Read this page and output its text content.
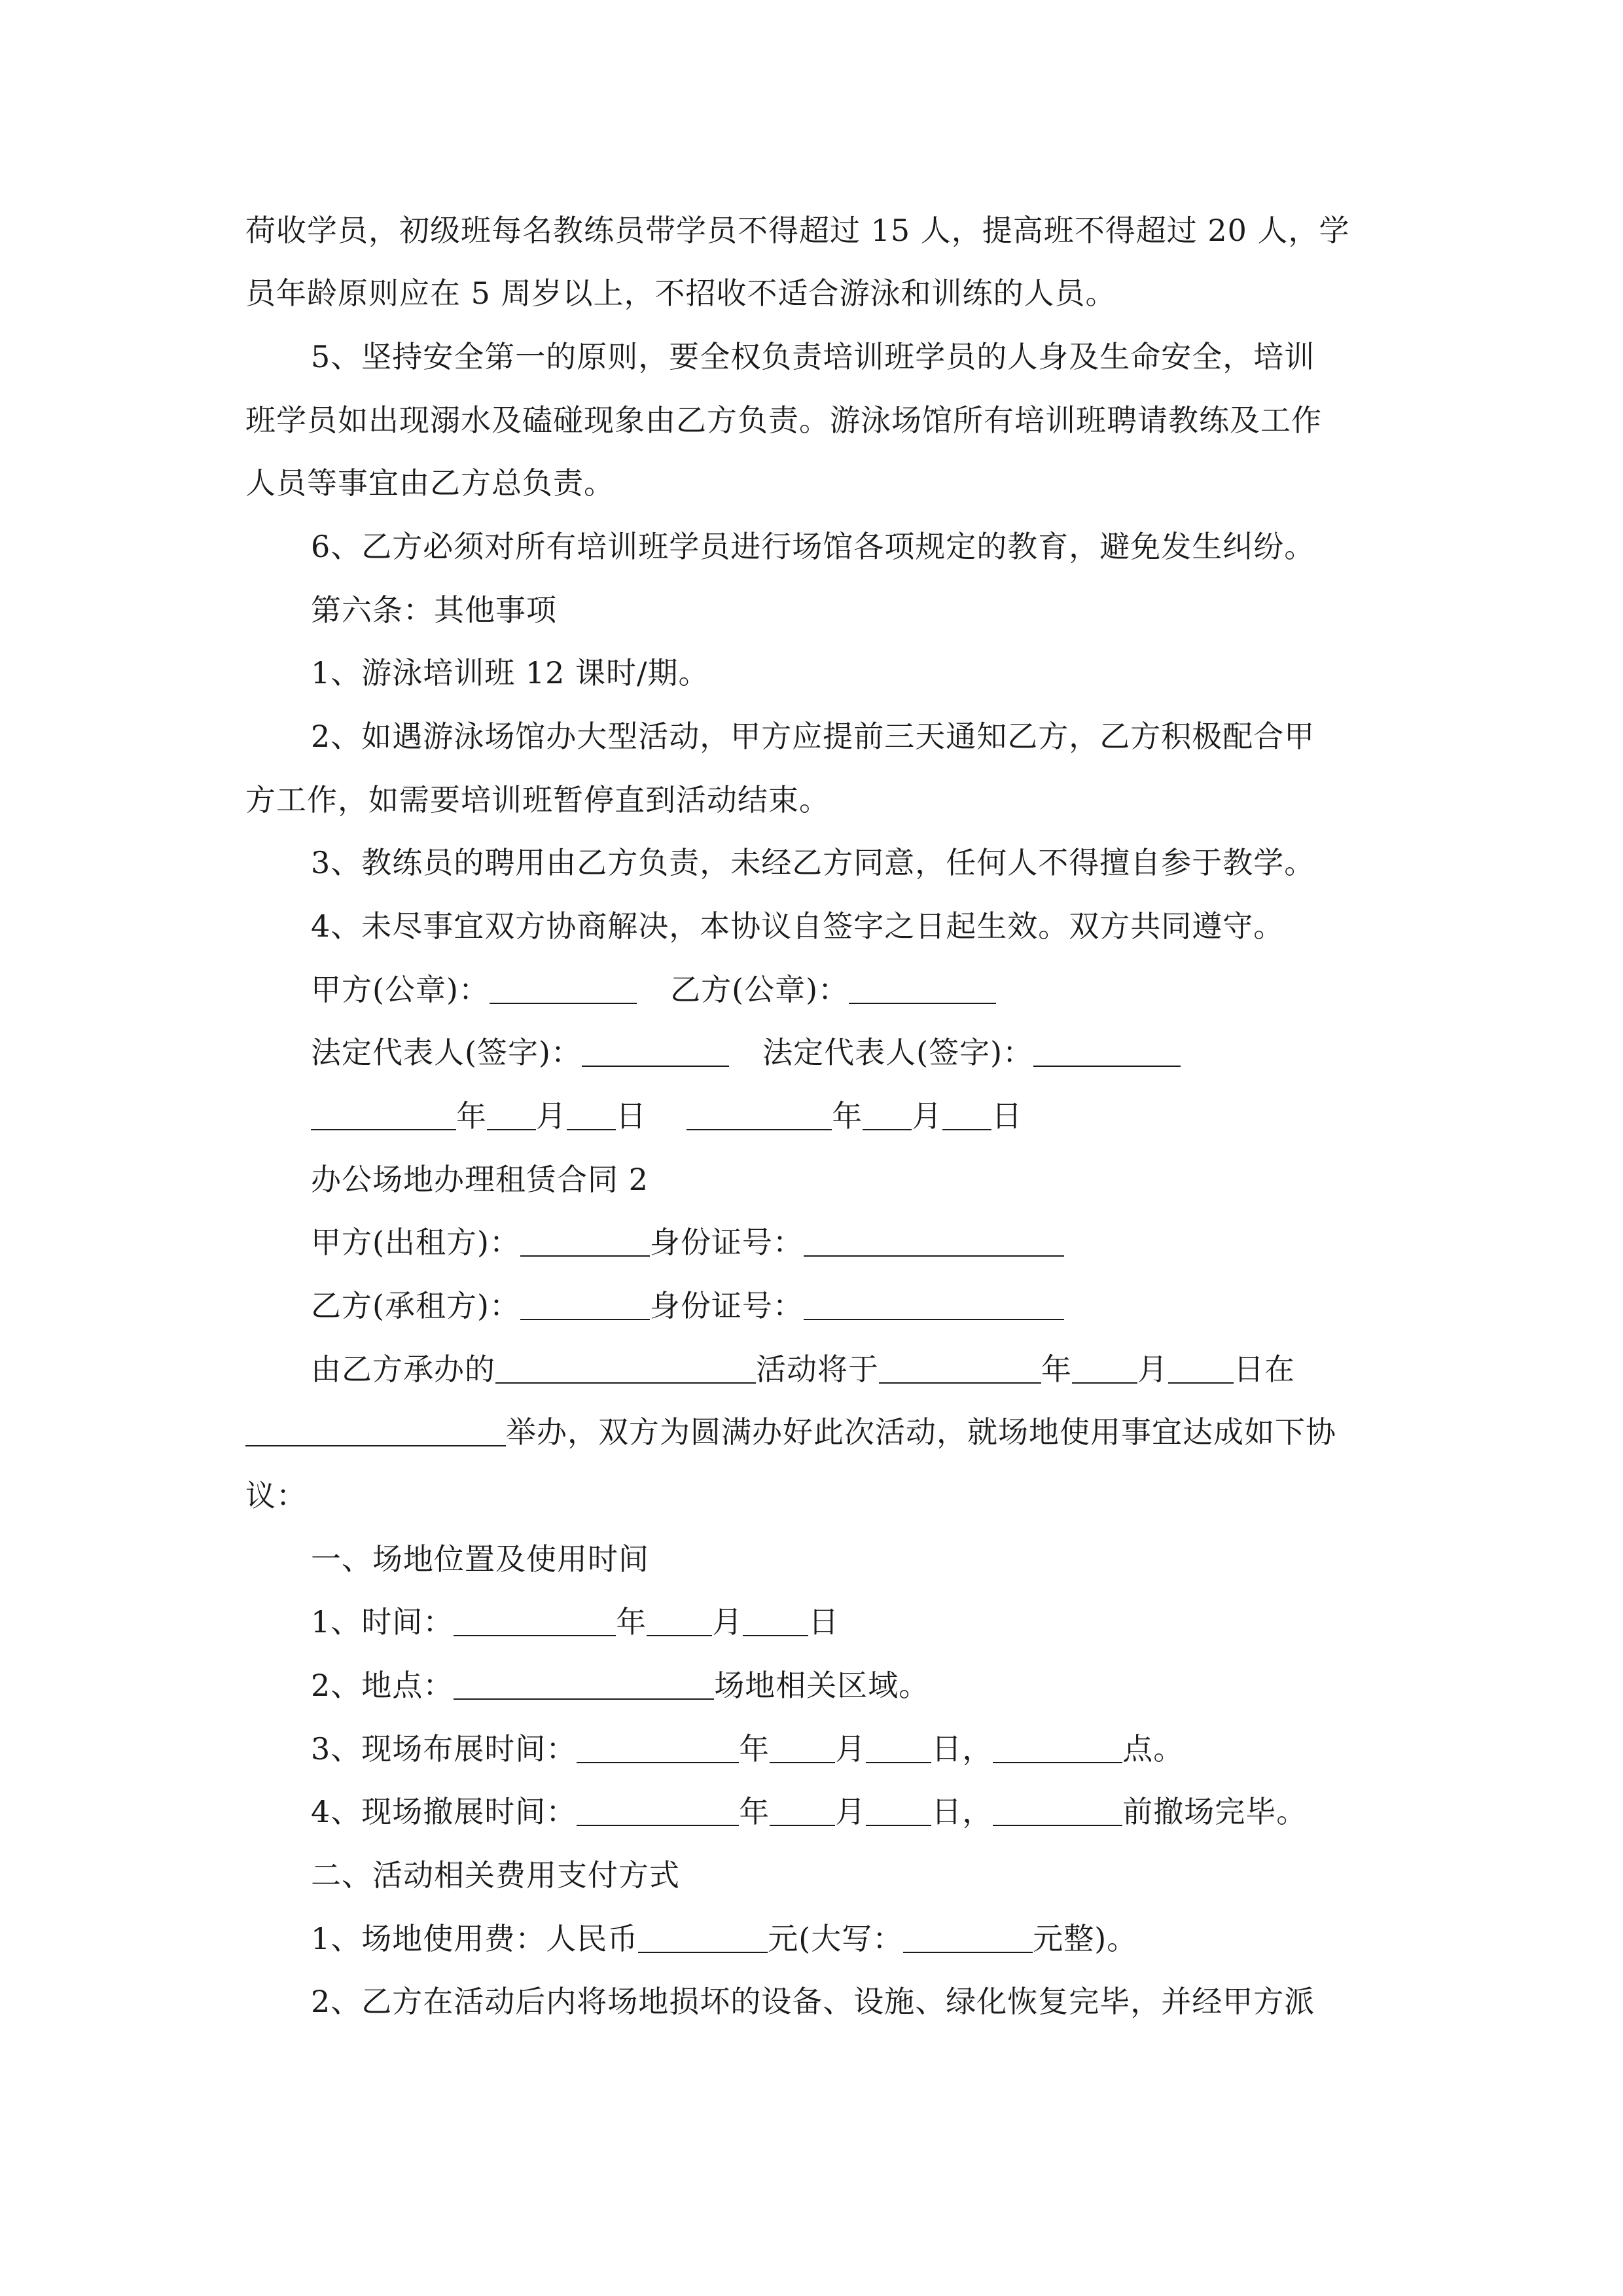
荷收学员，初级班每名教练员带学员不得超过 15 人，提高班不得超过 20 人，学
员年龄原则应在 5 周岁以上，不招收不适合游泳和训练的人员。
5、坚持安全第一的原则，要全权负责培训班学员的人身及生命安全，培训
班学员如出现溺水及磕碰现象由乙方负责。游泳场馆所有培训班聘请教练及工作
人员等事宜由乙方总负责。
6、乙方必须对所有培训班学员进行场馆各项规定的教育，避免发生纠纷。
第六条：其他事项
1、游泳培训班 12 课时/期。
2、如遇游泳场馆办大型活动，甲方应提前三天通知乙方，乙方积极配合甲
方工作，如需要培训班暂停直到活动结束。
3、教练员的聘用由乙方负责，未经乙方同意，任何人不得擅自参于教学。
4、未尽事宜双方协商解决，本协议自签字之日起生效。双方共同遵守。
甲方(公章)：	乙方(公章)：
法定代表人(签字)：	法定代表人(签字)：
年 月 日	年 月 日
办公场地办理租赁合同 2
甲方(出租方)：	身份证号：
乙方(承租方)：	身份证号：
由乙方承办的	活动将于	年 月 日在
举办，双方为圆满办好此次活动，就场地使用事宜达成如下协
议：
一、场地位置及使用时间
1、时间：	年 月 日
2、地点：	场地相关区域。
3、现场布展时间：	年 月 日，	点。
4、现场撤展时间：	年 月 日，	前撤场完毕。
二、活动相关费用支付方式
1、场地使用费：人民币	元(大写：	元整)。
2、乙方在活动后内将场地损坏的设备、设施、绿化恢复完毕，并经甲方派
